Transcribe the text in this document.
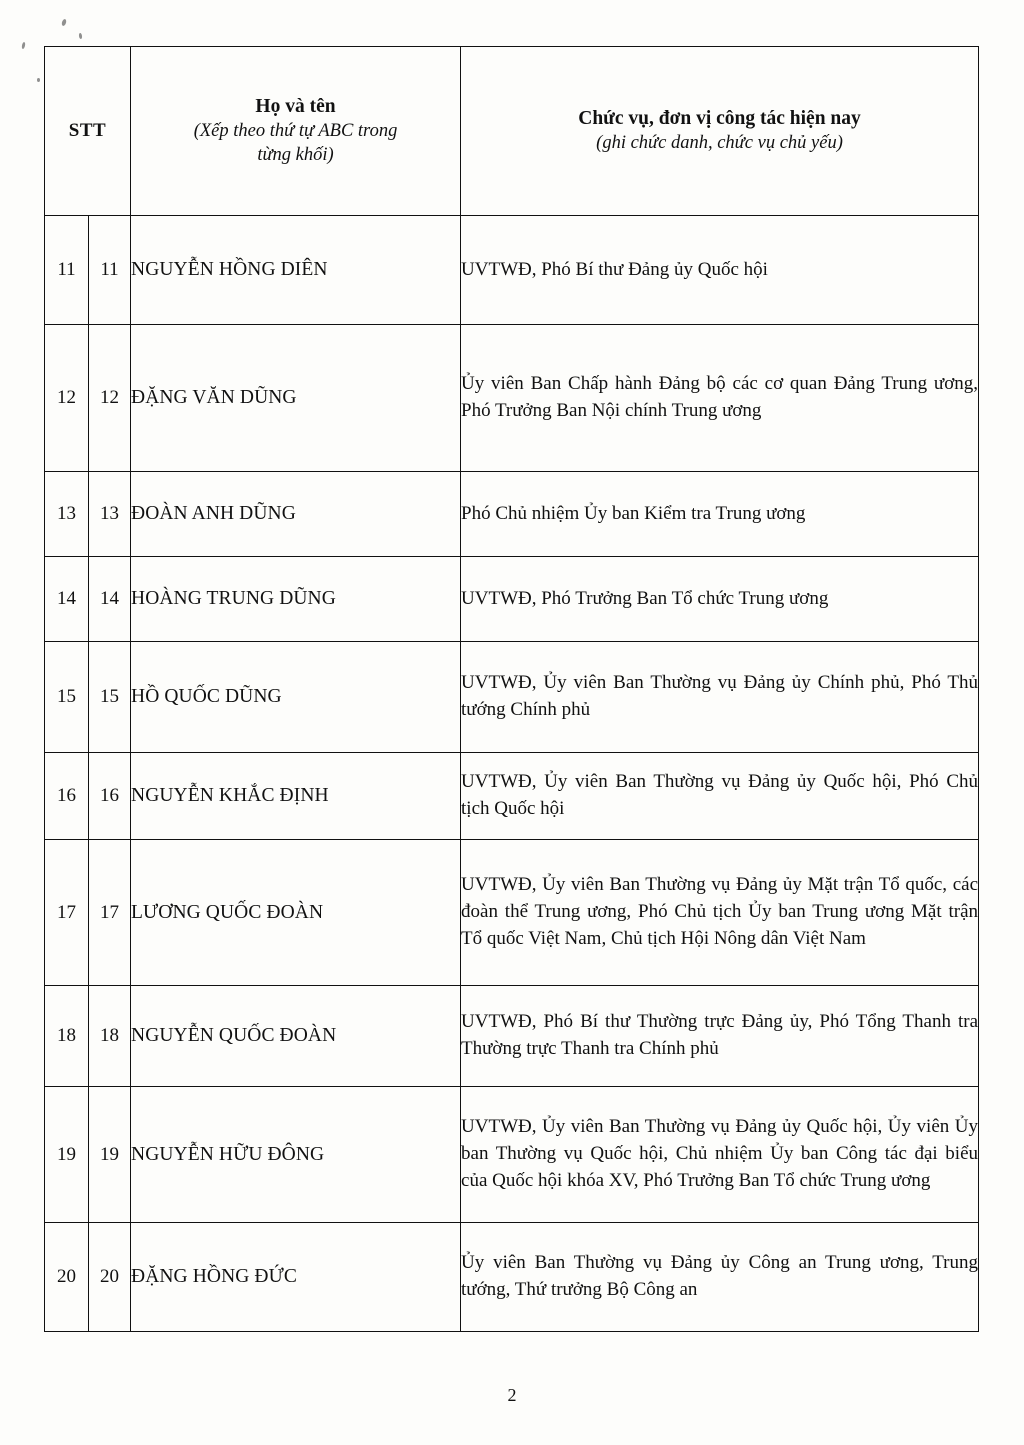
STT	
Họ và tên
(Xếp theo thứ tự ABC trong từng khối)

Chức vụ, đơn vị công tác hiện nay
(ghi chức danh, chức vụ chủ yếu)

11	11	NGUYỄN HỒNG DIÊN	UVTWĐ, Phó Bí thư Đảng ủy Quốc hội

12	12	ĐẶNG VĂN DŨNG	Ủy viên Ban Chấp hành Đảng bộ các cơ quan Đảng Trung ương,
Phó Trưởng Ban Nội chính Trung ương

13	13	ĐOÀN ANH DŨNG	Phó Chủ nhiệm Ủy ban Kiểm tra Trung ương

14	14	HOÀNG TRUNG DŨNG	UVTWĐ, Phó Trưởng Ban Tổ chức Trung ương

15	15	HỒ QUỐC DŨNG	UVTWĐ, Ủy viên Ban Thường vụ Đảng ủy Chính phủ, Phó Thủ
tướng Chính phủ

16	16	NGUYỄN KHẮC ĐỊNH	UVTWĐ, Ủy viên Ban Thường vụ Đảng ủy Quốc hội, Phó Chủ
tịch Quốc hội

17	17	LƯƠNG QUỐC ĐOÀN	UVTWĐ, Ủy viên Ban Thường vụ Đảng ủy Mặt trận Tổ quốc, các
đoàn thể Trung ương, Phó Chủ tịch Ủy ban Trung ương Mặt trận
Tổ quốc Việt Nam, Chủ tịch Hội Nông dân Việt Nam

18	18	NGUYỄN QUỐC ĐOÀN	UVTWĐ, Phó Bí thư Thường trực Đảng ủy, Phó Tổng Thanh tra
Thường trực Thanh tra Chính phủ

19	19	NGUYỄN HỮU ĐÔNG	UVTWĐ, Ủy viên Ban Thường vụ Đảng ủy Quốc hội, Ủy viên Ủy
ban Thường vụ Quốc hội, Chủ nhiệm Ủy ban Công tác đại biểu
của Quốc hội khóa XV, Phó Trưởng Ban Tổ chức Trung ương

20	20	ĐẶNG HỒNG ĐỨC	Ủy viên Ban Thường vụ Đảng ủy Công an Trung ương, Trung
tướng, Thứ trưởng Bộ Công an
2
